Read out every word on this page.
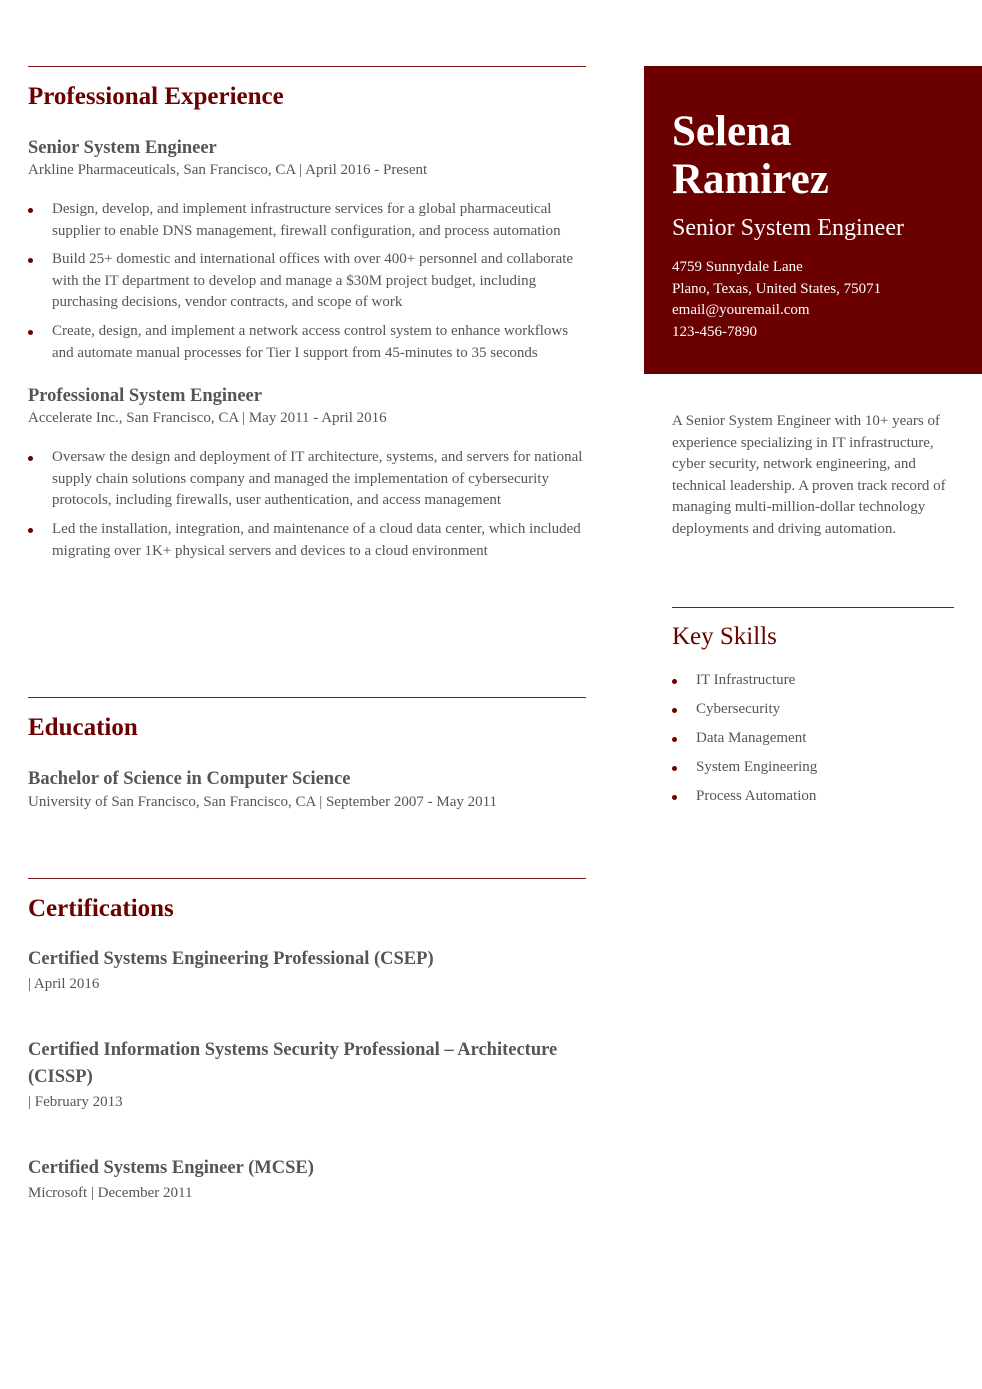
Professional Experience
Senior System Engineer
Arkline Pharmaceuticals, San Francisco, CA | April 2016 - Present
Design, develop, and implement infrastructure services for a global pharmaceutical supplier to enable DNS management, firewall configuration, and process automation
Build 25+ domestic and international offices with over 400+ personnel and collaborate with the IT department to develop and manage a $30M project budget, including purchasing decisions, vendor contracts, and scope of work
Create, design, and implement a network access control system to enhance workflows and automate manual processes for Tier I support from 45-minutes to 35 seconds
Professional System Engineer
Accelerate Inc., San Francisco, CA | May 2011 - April 2016
Oversaw the design and deployment of IT architecture, systems, and servers for national supply chain solutions company and managed the implementation of cybersecurity protocols, including firewalls, user authentication, and access management
Led the installation, integration, and maintenance of a cloud data center, which included migrating over 1K+ physical servers and devices to a cloud environment
Education
Bachelor of Science in Computer Science
University of San Francisco, San Francisco, CA | September 2007 - May 2011
Certifications
Certified Systems Engineering Professional (CSEP)
| April 2016
Certified Information Systems Security Professional – Architecture (CISSP)
| February 2013
Certified Systems Engineer (MCSE)
Microsoft | December 2011
Selena
Ramirez
Senior System Engineer
4759 Sunnydale Lane
Plano, Texas, United States, 75071
email@youremail.com
123-456-7890

A Senior System Engineer with 10+ years of experience specializing in IT infrastructure, cyber security, network engineering, and technical leadership. A proven track record of managing multi-million-dollar technology deployments and driving automation.

Key Skills
IT Infrastructure
Cybersecurity
Data Management
System Engineering
Process Automation
